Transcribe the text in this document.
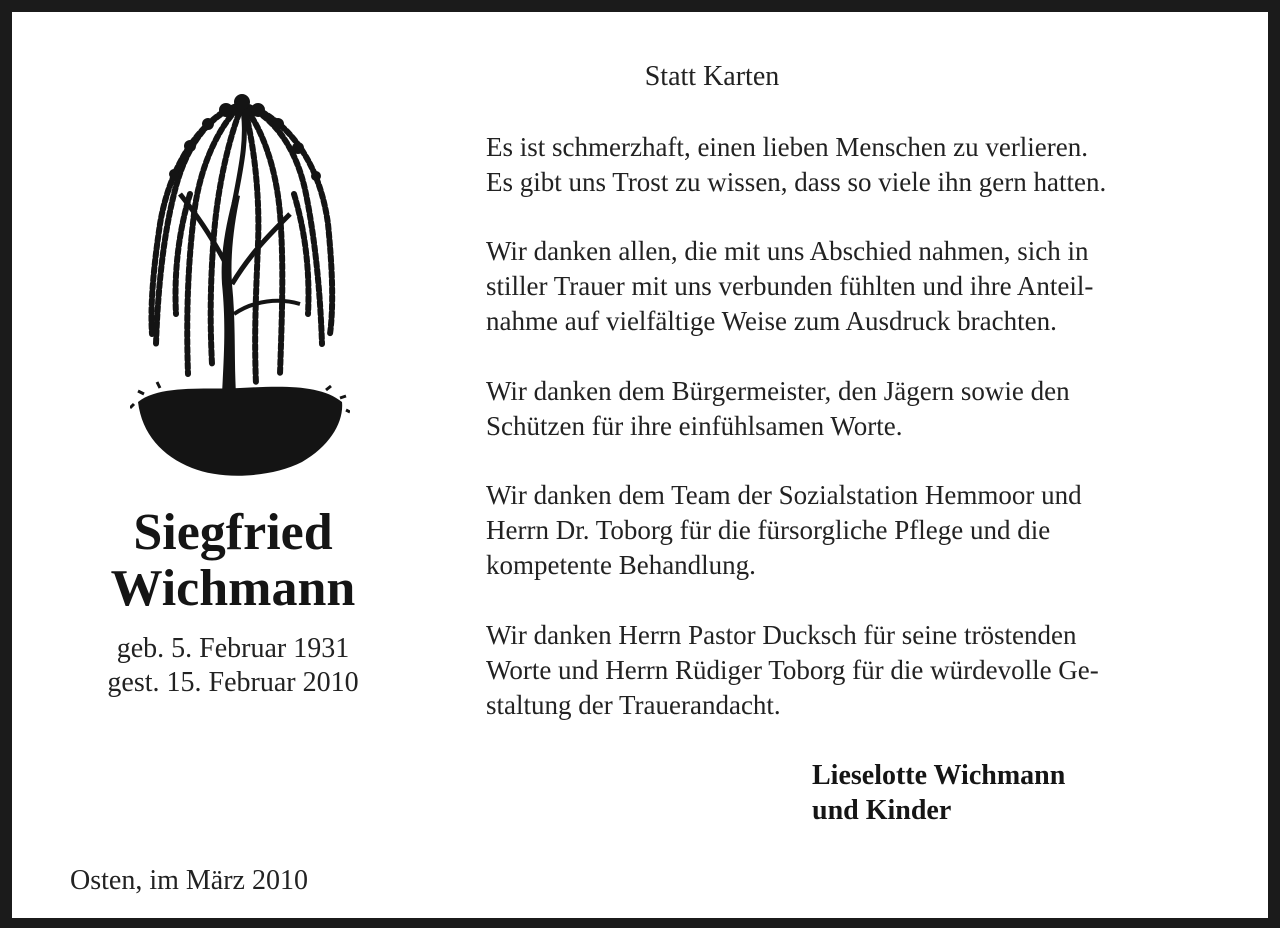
Siegfried
Wichmann
geb. 5. Februar 1931
gest. 15. Februar 2010
Osten, im März 2010
Statt Karten
Es ist schmerzhaft, einen lieben Menschen zu verlieren.
Es gibt uns Trost zu wissen, dass so viele ihn gern hatten.
Wir danken allen, die mit uns Abschied nahmen, sich in
stiller Trauer mit uns verbunden fühlten und ihre Anteil-
nahme auf vielfältige Weise zum Ausdruck brachten.
Wir danken dem Bürgermeister, den Jägern sowie den
Schützen für ihre einfühlsamen Worte.
Wir danken dem Team der Sozialstation Hemmoor und
Herrn Dr. Toborg für die fürsorgliche Pflege und die
kompetente Behandlung.
Wir danken Herrn Pastor Ducksch für seine tröstenden
Worte und Herrn Rüdiger Toborg für die würdevolle Ge-
staltung der Trauerandacht.
Lieselotte Wichmann
und Kinder
